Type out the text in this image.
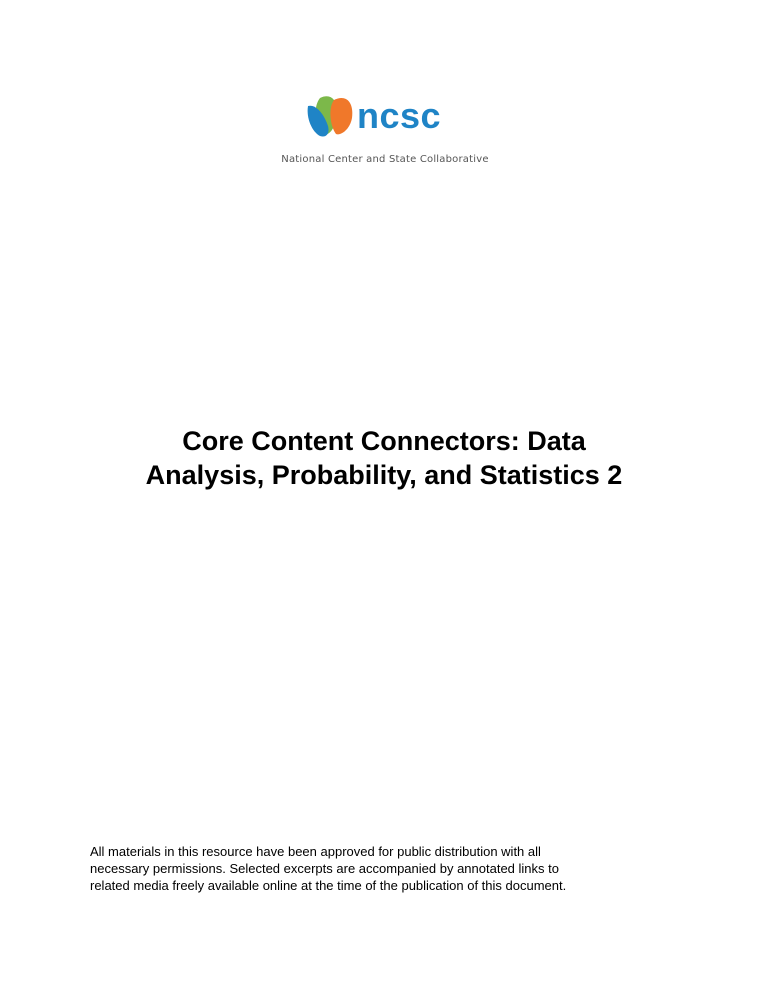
ncsc
National Center and State Collaborative
Core Content Connectors: Data
Analysis, Probability, and Statistics 2

All materials in this resource have been approved for public distribution with all
necessary permissions. Selected excerpts are accompanied by annotated links to
related media freely available online at the time of the publication of this document.
